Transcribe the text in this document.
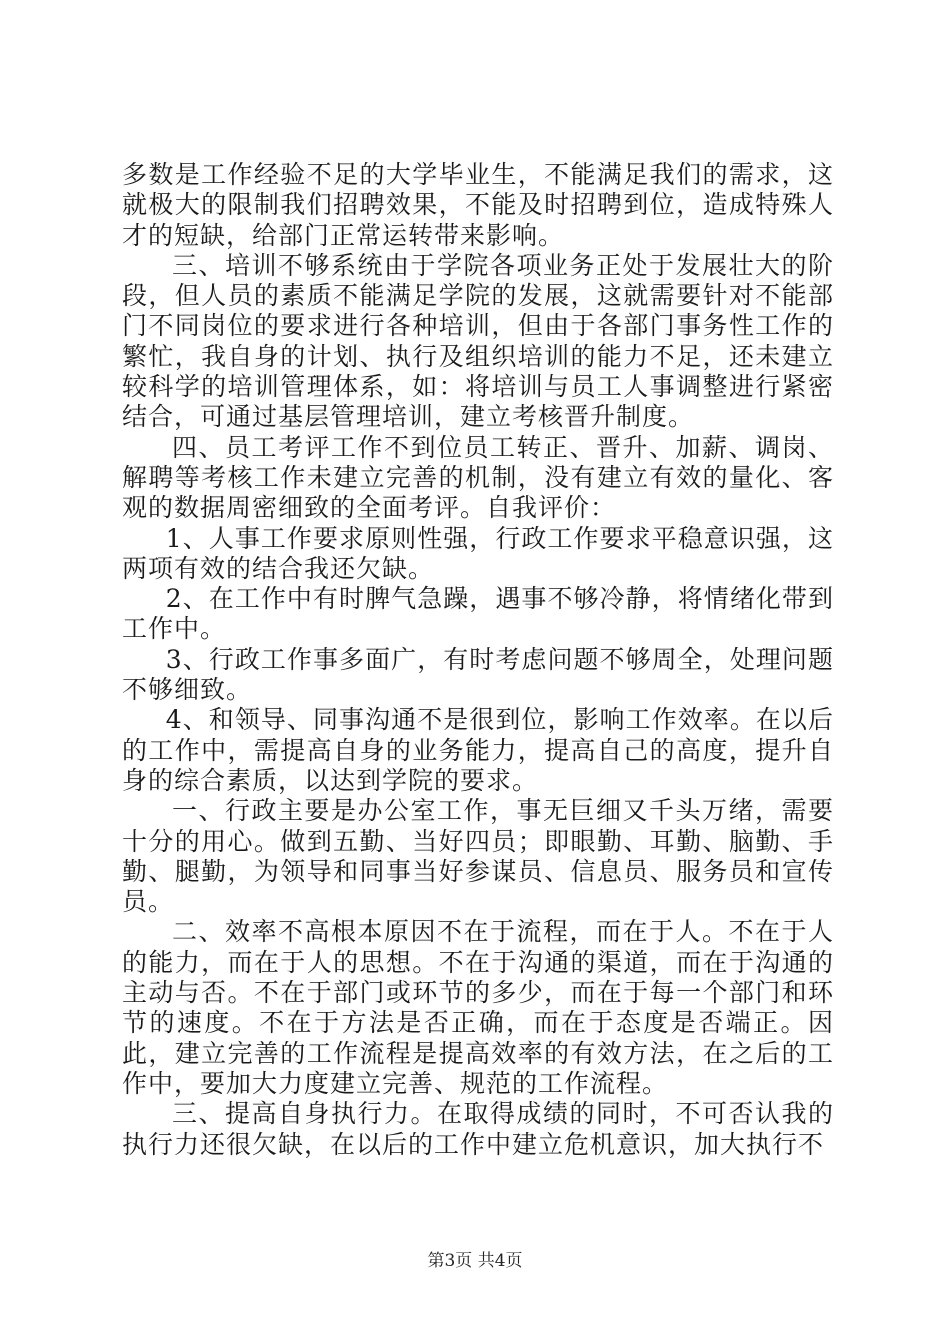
多数是工作经验不足的大学毕业生，不能满足我们的需求，这就极大的限制我们招聘效果，不能及时招聘到位，造成特殊人才的短缺，给部门正常运转带来影响。

三、培训不够系统由于学院各项业务正处于发展壮大的阶段，但人员的素质不能满足学院的发展，这就需要针对不能部门不同岗位的要求进行各种培训，但由于各部门事务性工作的繁忙，我自身的计划、执行及组织培训的能力不足，还未建立较科学的培训管理体系，如：将培训与员工人事调整进行紧密结合，可通过基层管理培训，建立考核晋升制度。

四、员工考评工作不到位员工转正、晋升、加薪、调岗、解聘等考核工作未建立完善的机制，没有建立有效的量化、客观的数据周密细致的全面考评。自我评价：

1、人事工作要求原则性强，行政工作要求平稳意识强，这两项有效的结合我还欠缺。

2、在工作中有时脾气急躁，遇事不够冷静，将情绪化带到工作中。

3、行政工作事多面广，有时考虑问题不够周全，处理问题不够细致。

4、和领导、同事沟通不是很到位，影响工作效率。在以后的工作中，需提高自身的业务能力，提高自己的高度，提升自身的综合素质，以达到学院的要求。

一、行政主要是办公室工作，事无巨细又千头万绪，需要十分的用心。做到五勤、当好四员；即眼勤、耳勤、脑勤、手勤、腿勤，为领导和同事当好参谋员、信息员、服务员和宣传员。

二、效率不高根本原因不在于流程，而在于人。不在于人的能力，而在于人的思想。不在于沟通的渠道，而在于沟通的主动与否。不在于部门或环节的多少，而在于每一个部门和环节的速度。不在于方法是否正确，而在于态度是否端正。因此，建立完善的工作流程是提高效率的有效方法，在之后的工作中，要加大力度建立完善、规范的工作流程。

三、提高自身执行力。在取得成绩的同时，不可否认我的执行力还很欠缺，在以后的工作中建立危机意识，加大执行不

第3页 共4页
